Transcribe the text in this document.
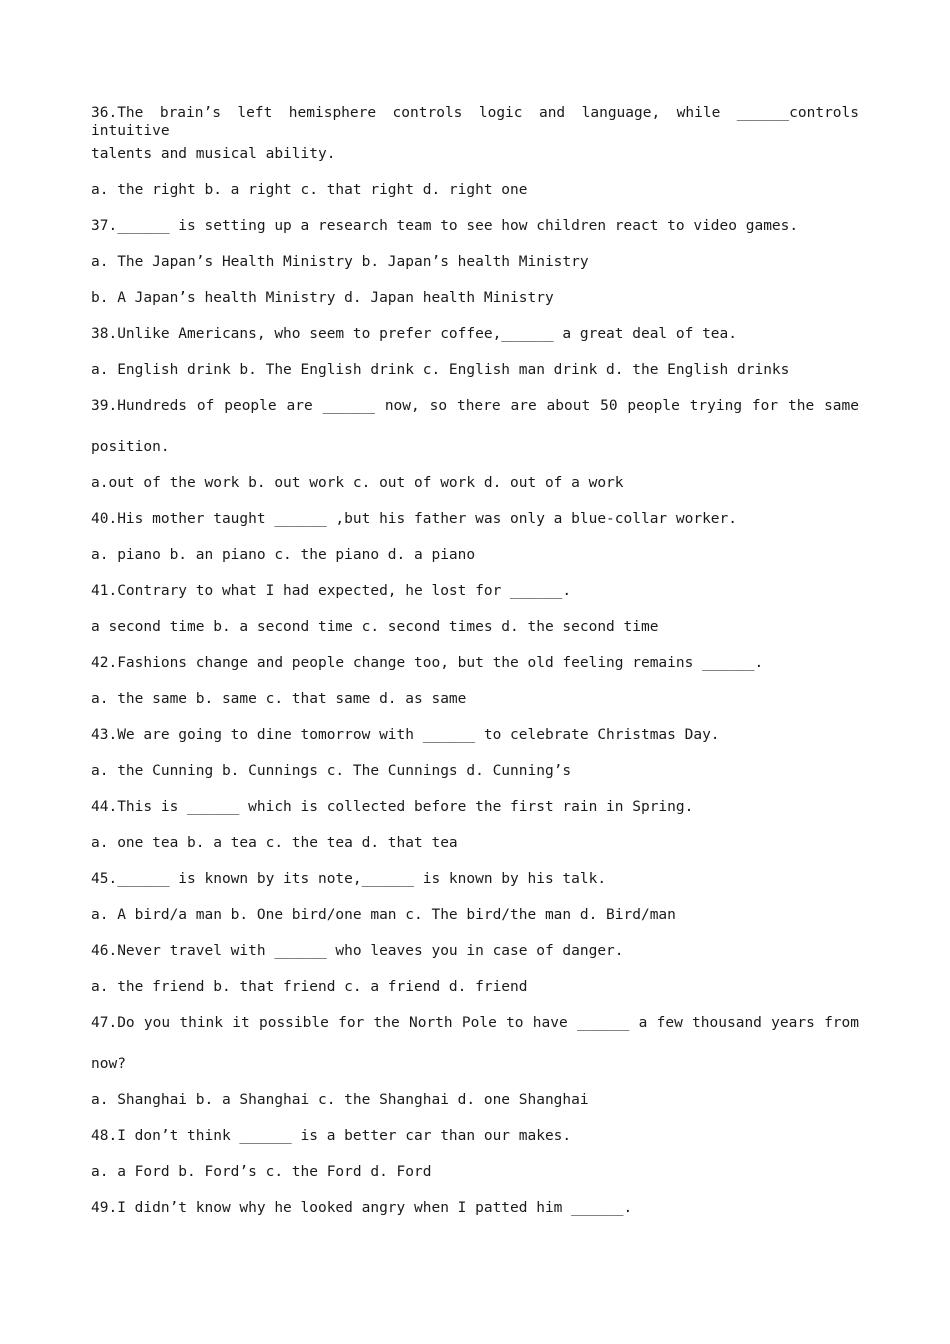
36.The brain’s left hemisphere controls logic and language, while ______controls intuitive
talents and musical ability.
a. the right b. a right c. that right d. right one
37.______ is setting up a research team to see how children react to video games.
a. The Japan’s Health Ministry b. Japan’s health Ministry
b. A Japan’s health Ministry d. Japan health Ministry
38.Unlike Americans, who seem to prefer coffee,______ a great deal of tea.
a. English drink b. The English drink c. English man drink d. the English drinks
39.Hundreds of people are ______ now, so there are about 50 people trying for the same
position.
a.out of the work b. out work c. out of work d. out of a work
40.His mother taught ______ ,but his father was only a blue-collar worker.
a. piano b. an piano c. the piano d. a piano
41.Contrary to what I had expected, he lost for ______.
a second time b. a second time c. second times d. the second time
42.Fashions change and people change too, but the old feeling remains ______.
a. the same b. same c. that same d. as same
43.We are going to dine tomorrow with ______ to celebrate Christmas Day.
a. the Cunning b. Cunnings c. The Cunnings d. Cunning’s
44.This is ______ which is collected before the first rain in Spring.
a. one tea b. a tea c. the tea d. that tea
45.______ is known by its note,______ is known by his talk.
a. A bird/a man b. One bird/one man c. The bird/the man d. Bird/man
46.Never travel with ______ who leaves you in case of danger.
a. the friend b. that friend c. a friend d. friend
47.Do you think it possible for the North Pole to have ______ a few thousand years from
now?
a. Shanghai b. a Shanghai c. the Shanghai d. one Shanghai
48.I don’t think ______ is a better car than our makes.
a. a Ford b. Ford’s c. the Ford d. Ford
49.I didn’t know why he looked angry when I patted him ______.
